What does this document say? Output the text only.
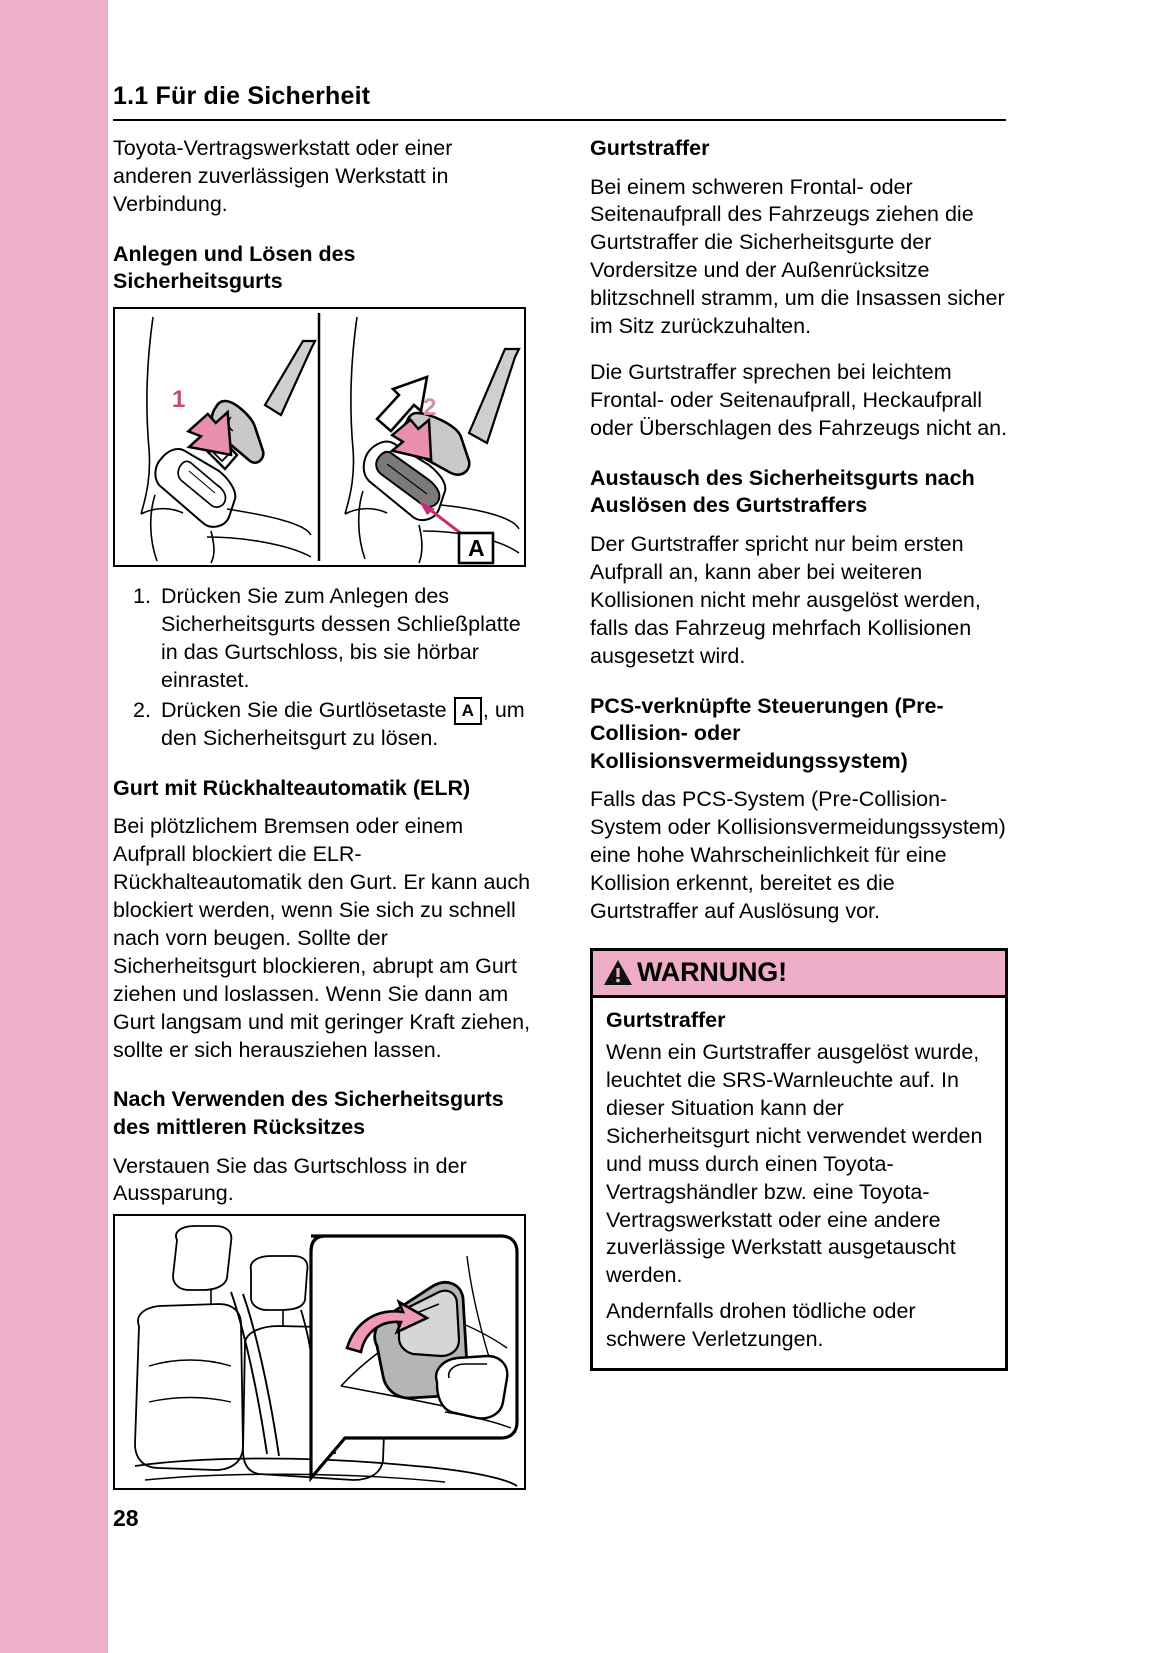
1.1 Für die Sicherheit

Toyota-Vertragswerkstatt oder einer anderen zuverlässigen Werkstatt in Verbindung.

Anlegen und Lösen des Sicherheitsgurts
1	2
A
Drücken Sie zum Anlegen des Sicherheitsgurts dessen Schließplatte in das Gurtschloss, bis sie hörbar einrastet.
Drücken Sie die Gurtlösetaste A , um den Sicherheitsgurt zu lösen.
Gurt mit Rückhalteautomatik (ELR)

Bei plötzlichem Bremsen oder einem Aufprall blockiert die ELR-Rückhalteautomatik den Gurt. Er kann auch blockiert werden, wenn Sie sich zu schnell nach vorn beugen. Sollte der Sicherheitsgurt blockieren, abrupt am Gurt ziehen und loslassen. Wenn Sie dann am Gurt langsam und mit geringer Kraft ziehen, sollte er sich herausziehen lassen.

Nach Verwenden des Sicherheitsgurts des mittleren Rücksitzes

Verstauen Sie das Gurtschloss in der Aussparung.

Gurtstraffer

Bei einem schweren Frontal- oder Seitenaufprall des Fahrzeugs ziehen die Gurtstraffer die Sicherheitsgurte der Vordersitze und der Außenrücksitze blitzschnell stramm, um die Insassen sicher im Sitz zurückzuhalten.

Die Gurtstraffer sprechen bei leichtem Frontal- oder Seitenaufprall, Heckaufprall oder Überschlagen des Fahrzeugs nicht an.

Austausch des Sicherheitsgurts nach Auslösen des Gurtstraffers

Der Gurtstraffer spricht nur beim ersten Aufprall an, kann aber bei weiteren Kollisionen nicht mehr ausgelöst werden, falls das Fahrzeug mehrfach Kollisionen ausgesetzt wird.

PCS-verknüpfte Steuerungen (Pre-Collision- oder Kollisionsvermeidungssystem)

Falls das PCS-System (Pre-Collision-System oder Kollisionsvermeidungssystem) eine hohe Wahrscheinlichkeit für eine Kollision erkennt, bereitet es die Gurtstraffer auf Auslösung vor.

WARNUNG!
Gurtstraffer

Wenn ein Gurtstraffer ausgelöst wurde, leuchtet die SRS-Warnleuchte auf. In dieser Situation kann der Sicherheitsgurt nicht verwendet werden und muss durch einen Toyota-Vertragshändler bzw. eine Toyota-Vertragswerkstatt oder eine andere zuverlässige Werkstatt ausgetauscht werden.

Andernfalls drohen tödliche oder schwere Verletzungen.

28
